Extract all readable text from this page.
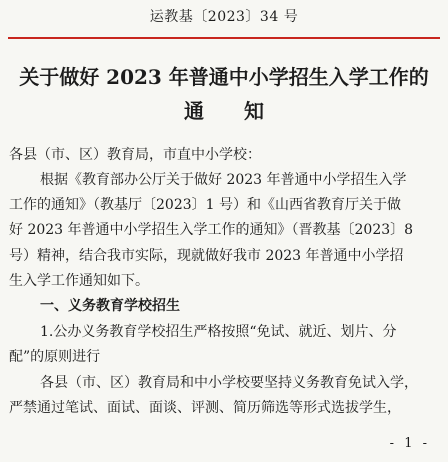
运教基〔2023〕34 号
关于做好 2023 年普通中小学招生入学工作的
通知
各县（市、区）教育局，市直中小学校：
根据《教育部办公厅关于做好 2023 年普通中小学招生入学
工作的通知》（教基厅〔2023〕1 号）和《山西省教育厅关于做
好 2023 年普通中小学招生入学工作的通知》（晋教基〔2023〕8
号）精神，结合我市实际，现就做好我市 2023 年普通中小学招
生入学工作通知如下。
一、义务教育学校招生
1.公办义务教育学校招生严格按照“免试、就近、划片、分
配”的原则进行
各县（市、区）教育局和中小学校要坚持义务教育免试入学，
严禁通过笔试、面试、面谈、评测、简历筛选等形式选拔学生，
- 1 -
